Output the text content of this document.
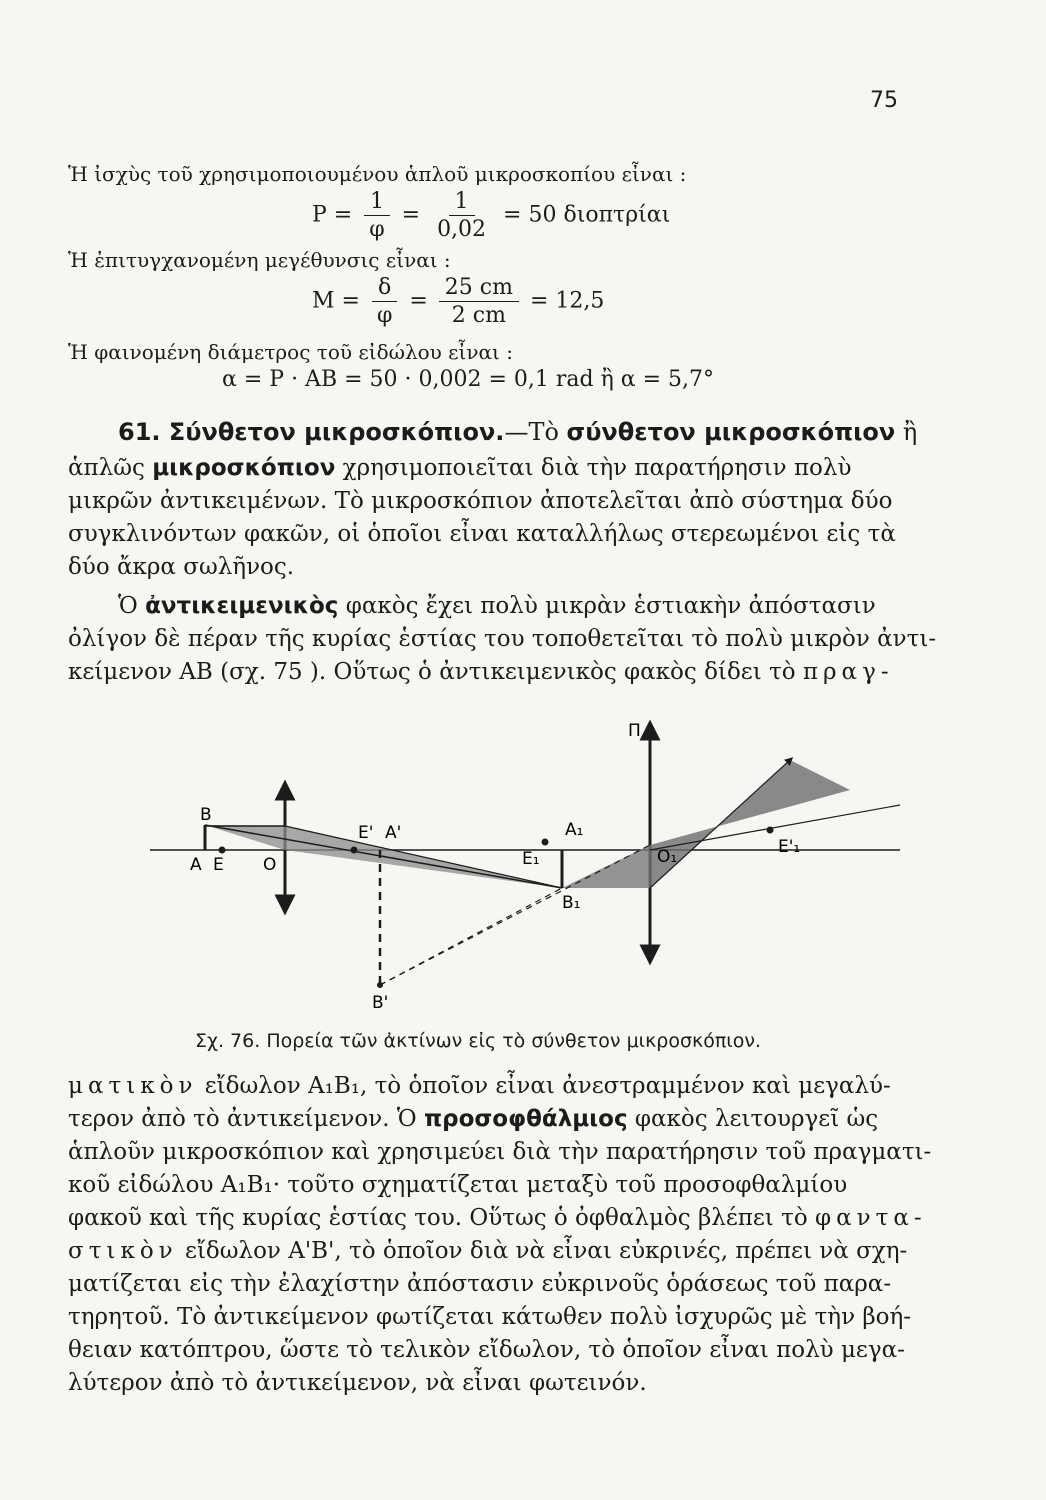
75
Ἡ ἰσχὺς τοῦ χρησιμοποιουμένου ἁπλοῦ μικροσκοπίου εἶναι :
$P = \frac{1}{\varphi} = \frac{1}{0,02} = 50$ διοπτρίαι
Ἡ ἐπιτυγχανομένη μεγέθυνσις εἶναι :
$M = \frac{\delta}{\varphi} = \frac{25 cm}{2 cm} = 12,5$
Ἡ φαινομένη διάμετρος τοῦ εἰδώλου εἶναι :
α = P · AB = 50 · 0,002 = 0,1 rad ἢ α = 5,7°
61. Σύνθετον μικροσκόπιον.—Τὸ σύνθετον μικροσκόπιον ἢ
ἁπλῶς μικροσκόπιον χρησιμοποιεῖται διὰ τὴν παρατήρησιν πολὺ
μικρῶν ἀντικειμένων. Τὸ μικροσκόπιον ἀποτελεῖται ἀπὸ σύστημα δύο
συγκλινόντων φακῶν, οἱ ὁποῖοι εἶναι καταλλήλως στερεωμένοι εἰς τὰ
δύο ἄκρα σωλῆνος.
Ὁ ἀντικειμενικὸς φακὸς ἔχει πολὺ μικρὰν ἑστιακὴν ἀπόστασιν
ὀλίγον δὲ πέραν τῆς κυρίας ἑστίας του τοποθετεῖται τὸ πολὺ μικρὸν ἀντι-
κείμενον AB (σχ. 75 ). Οὕτως ὁ ἀντικειμενικὸς φακὸς δίδει τὸ πραγ-
B
A E O
E' A'	A₁
E₁
B₁
Π
O₁	E'₁
B'
Σχ. 76. Πορεία τῶν ἀκτίνων εἰς τὸ σύνθετον μικροσκόπιον.
ματικὸν εἴδωλον A₁B₁, τὸ ὁποῖον εἶναι ἀνεστραμμένον καὶ μεγαλύ-
τερον ἀπὸ τὸ ἀντικείμενον. Ὁ προσοφθάλμιος φακὸς λειτουργεῖ ὡς
ἁπλοῦν μικροσκόπιον καὶ χρησιμεύει διὰ τὴν παρατήρησιν τοῦ πραγματι-
κοῦ εἰδώλου A₁B₁· τοῦτο σχηματίζεται μεταξὺ τοῦ προσοφθαλμίου
φακοῦ καὶ τῆς κυρίας ἑστίας του. Οὕτως ὁ ὀφθαλμὸς βλέπει τὸ φαντα-
στικὸν εἴδωλον A'B', τὸ ὁποῖον διὰ νὰ εἶναι εὐκρινές, πρέπει νὰ σχη-
ματίζεται εἰς τὴν ἐλαχίστην ἀπόστασιν εὐκρινοῦς ὁράσεως τοῦ παρα-
τηρητοῦ. Τὸ ἀντικείμενον φωτίζεται κάτωθεν πολὺ ἰσχυρῶς μὲ τὴν βοή-
θειαν κατόπτρου, ὥστε τὸ τελικὸν εἴδωλον, τὸ ὁποῖον εἶναι πολὺ μεγα-
λύτερον ἀπὸ τὸ ἀντικείμενον, νὰ εἶναι φωτεινόν.
